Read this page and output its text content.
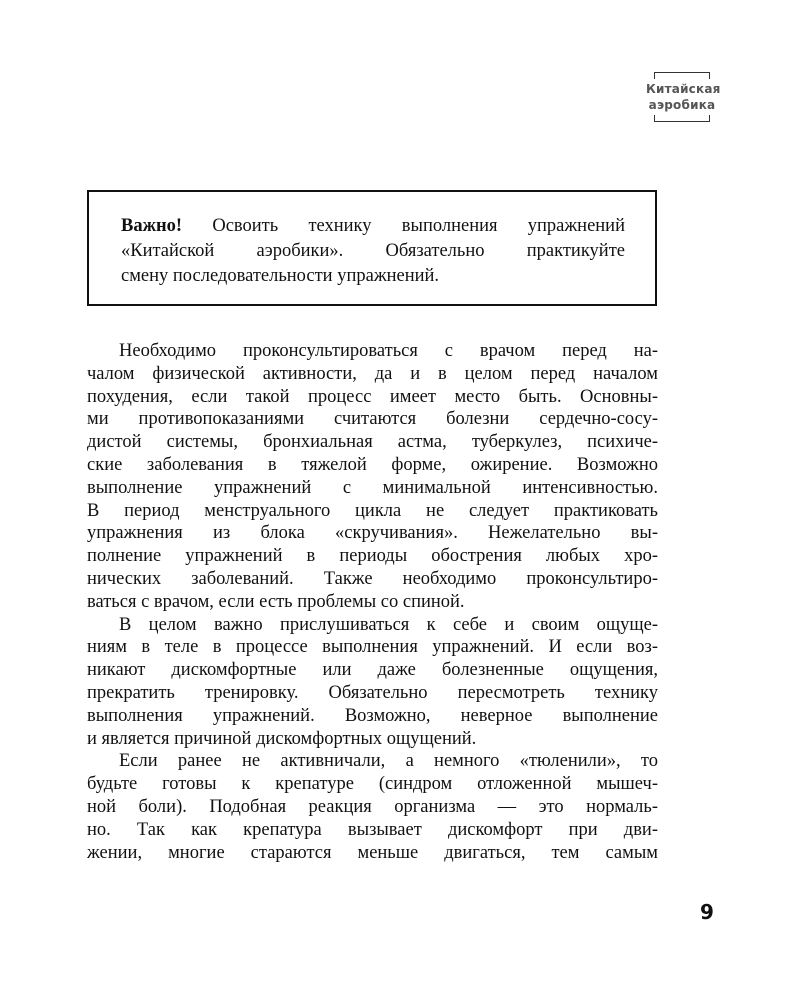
Китайская
аэробика
Важно! Освоить технику выполнения упражнений
«Китайской аэробики». Обязательно практикуйте
смену последовательности упражнений.
Необходимо проконсультироваться с врачом перед на-
чалом физической активности, да и в целом перед началом
похудения, если такой процесс имеет место быть. Основны-
ми противопоказаниями считаются болезни сердечно-сосу-
дистой системы, бронхиальная астма, туберкулез, психиче-
ские заболевания в тяжелой форме, ожирение. Возможно
выполнение упражнений с минимальной интенсивностью.
В период менструального цикла не следует практиковать
упражнения из блока «скручивания». Нежелательно вы-
полнение упражнений в периоды обострения любых хро-
нических заболеваний. Также необходимо проконсультиро-
ваться с врачом, если есть проблемы со спиной.
В целом важно прислушиваться к себе и своим ощуще-
ниям в теле в процессе выполнения упражнений. И если воз-
никают дискомфортные или даже болезненные ощущения,
прекратить тренировку. Обязательно пересмотреть технику
выполнения упражнений. Возможно, неверное выполнение
и является причиной дискомфортных ощущений.
Если ранее не активничали, а немного «тюленили», то
будьте готовы к крепатуре (синдром отложенной мышеч-
ной боли). Подобная реакция организма — это нормаль-
но. Так как крепатура вызывает дискомфорт при дви-
жении, многие стараются меньше двигаться, тем самым
9
